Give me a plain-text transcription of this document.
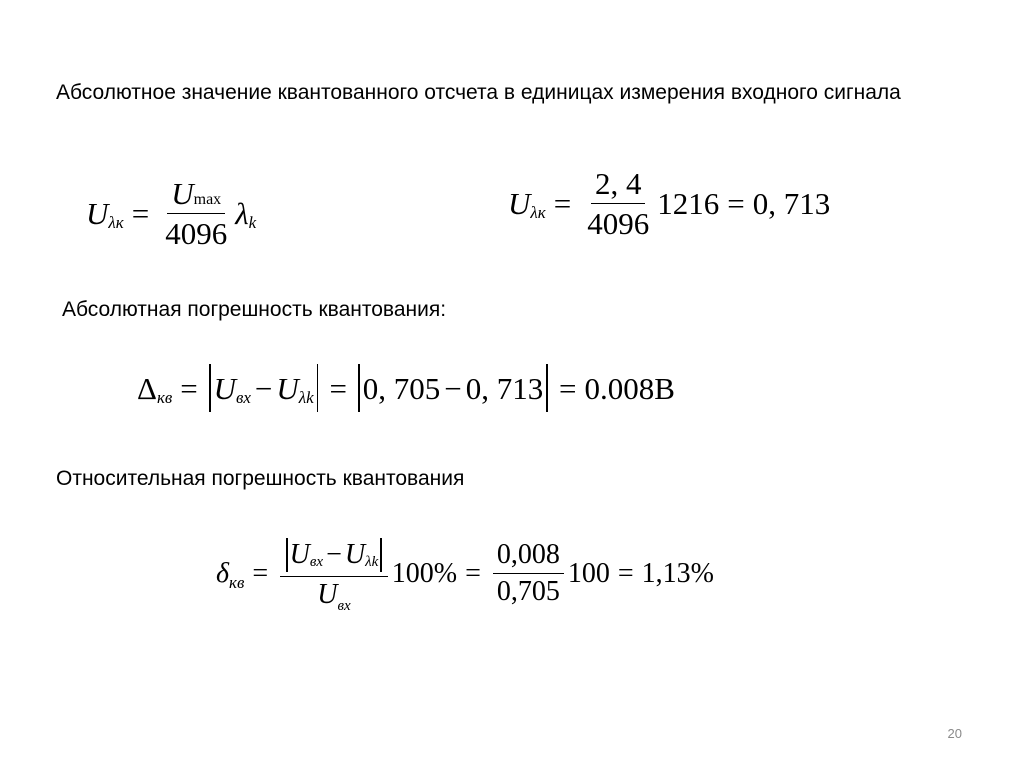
Абсолютное значение квантованного отсчета в единицах измерения входного сигнала
U $\lambda к = \frac{\text{U max}}{4096}$ λ k
U $\lambda к = \frac{2, 4}{4096} 1216 = 0$, 713
Абсолютная погрешность квантования:
Δ кв = U вх − U λk = 0, 705 − 0, 713 = 0.008В
Относительная погрешность квантования
δ кв = $\frac{\text{U вх − U λk}}{\text{U вх}} 100\% = \frac{0,008}{0,705} 100 = 1,13\%$
20
